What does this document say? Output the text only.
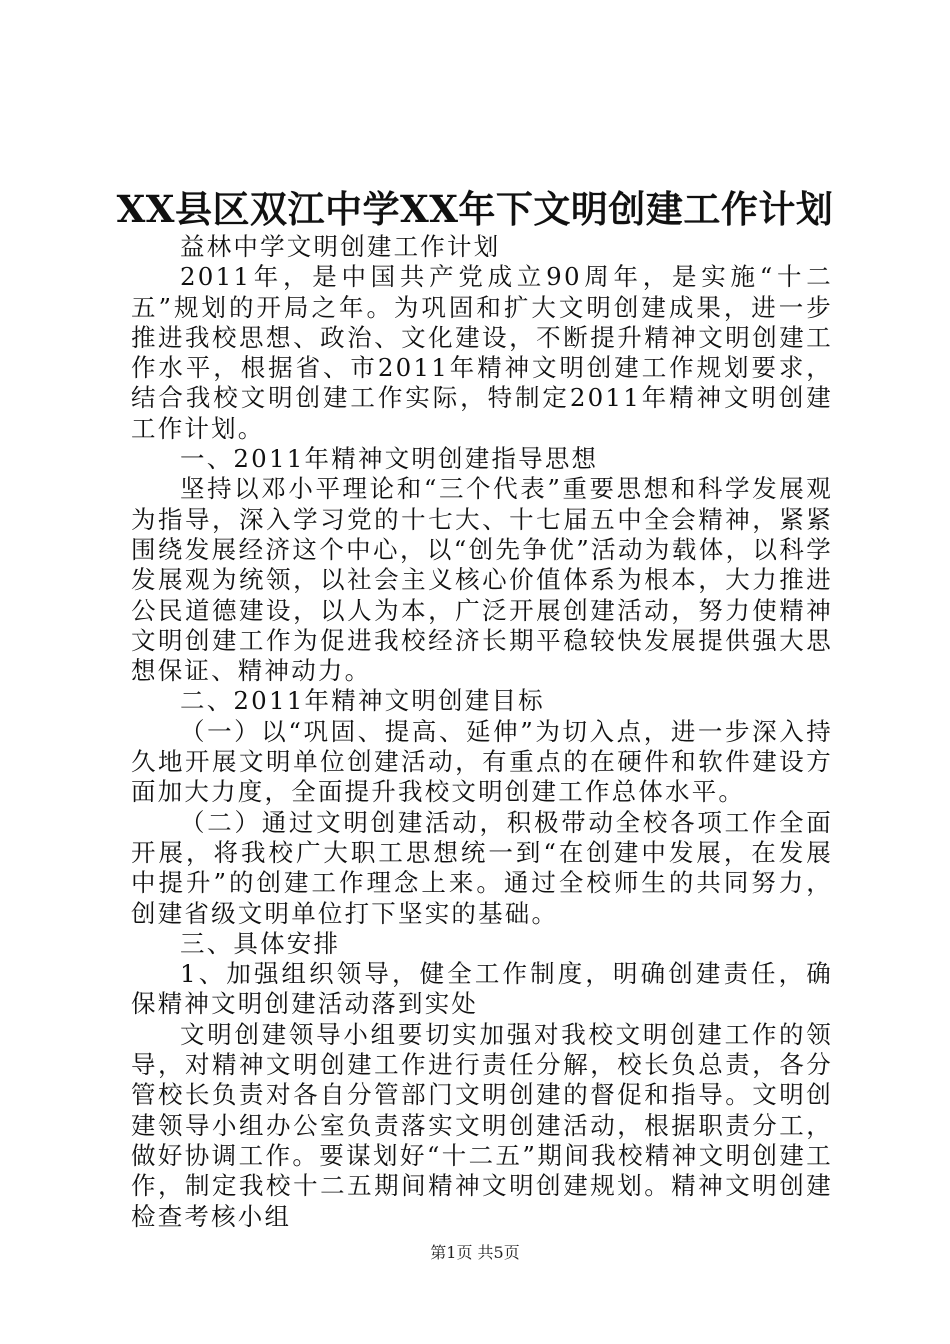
XX县区双江中学XX年下文明创建工作计划

益林中学文明创建工作计划

2011年，是中国共产党成立90周年，是实施“十二五”规划的开局之年。为巩固和扩大文明创建成果，进一步推进我校思想、政治、文化建设，不断提升精神文明创建工作水平，根据省、市2011年精神文明创建工作规划要求，结合我校文明创建工作实际，特制定2011年精神文明创建工作计划。

一、2011年精神文明创建指导思想

坚持以邓小平理论和“三个代表”重要思想和科学发展观为指导，深入学习党的十七大、十七届五中全会精神，紧紧围绕发展经济这个中心，以“创先争优”活动为载体，以科学发展观为统领，以社会主义核心价值体系为根本，大力推进公民道德建设，以人为本，广泛开展创建活动，努力使精神文明创建工作为促进我校经济长期平稳较快发展提供强大思想保证、精神动力。

二、2011年精神文明创建目标

（一）以“巩固、提高、延伸”为切入点，进一步深入持久地开展文明单位创建活动，有重点的在硬件和软件建设方面加大力度，全面提升我校文明创建工作总体水平。

（二）通过文明创建活动，积极带动全校各项工作全面开展，将我校广大职工思想统一到“在创建中发展，在发展中提升”的创建工作理念上来。通过全校师生的共同努力，创建省级文明单位打下坚实的基础。

三、具体安排

1、加强组织领导，健全工作制度，明确创建责任，确保精神文明创建活动落到实处

文明创建领导小组要切实加强对我校文明创建工作的领导，对精神文明创建工作进行责任分解，校长负总责，各分管校长负责对各自分管部门文明创建的督促和指导。文明创建领导小组办公室负责落实文明创建活动，根据职责分工，做好协调工作。要谋划好“十二五”期间我校精神文明创建工作，制定我校十二五期间精神文明创建规划。精神文明创建检查考核小组

第1页 共5页
